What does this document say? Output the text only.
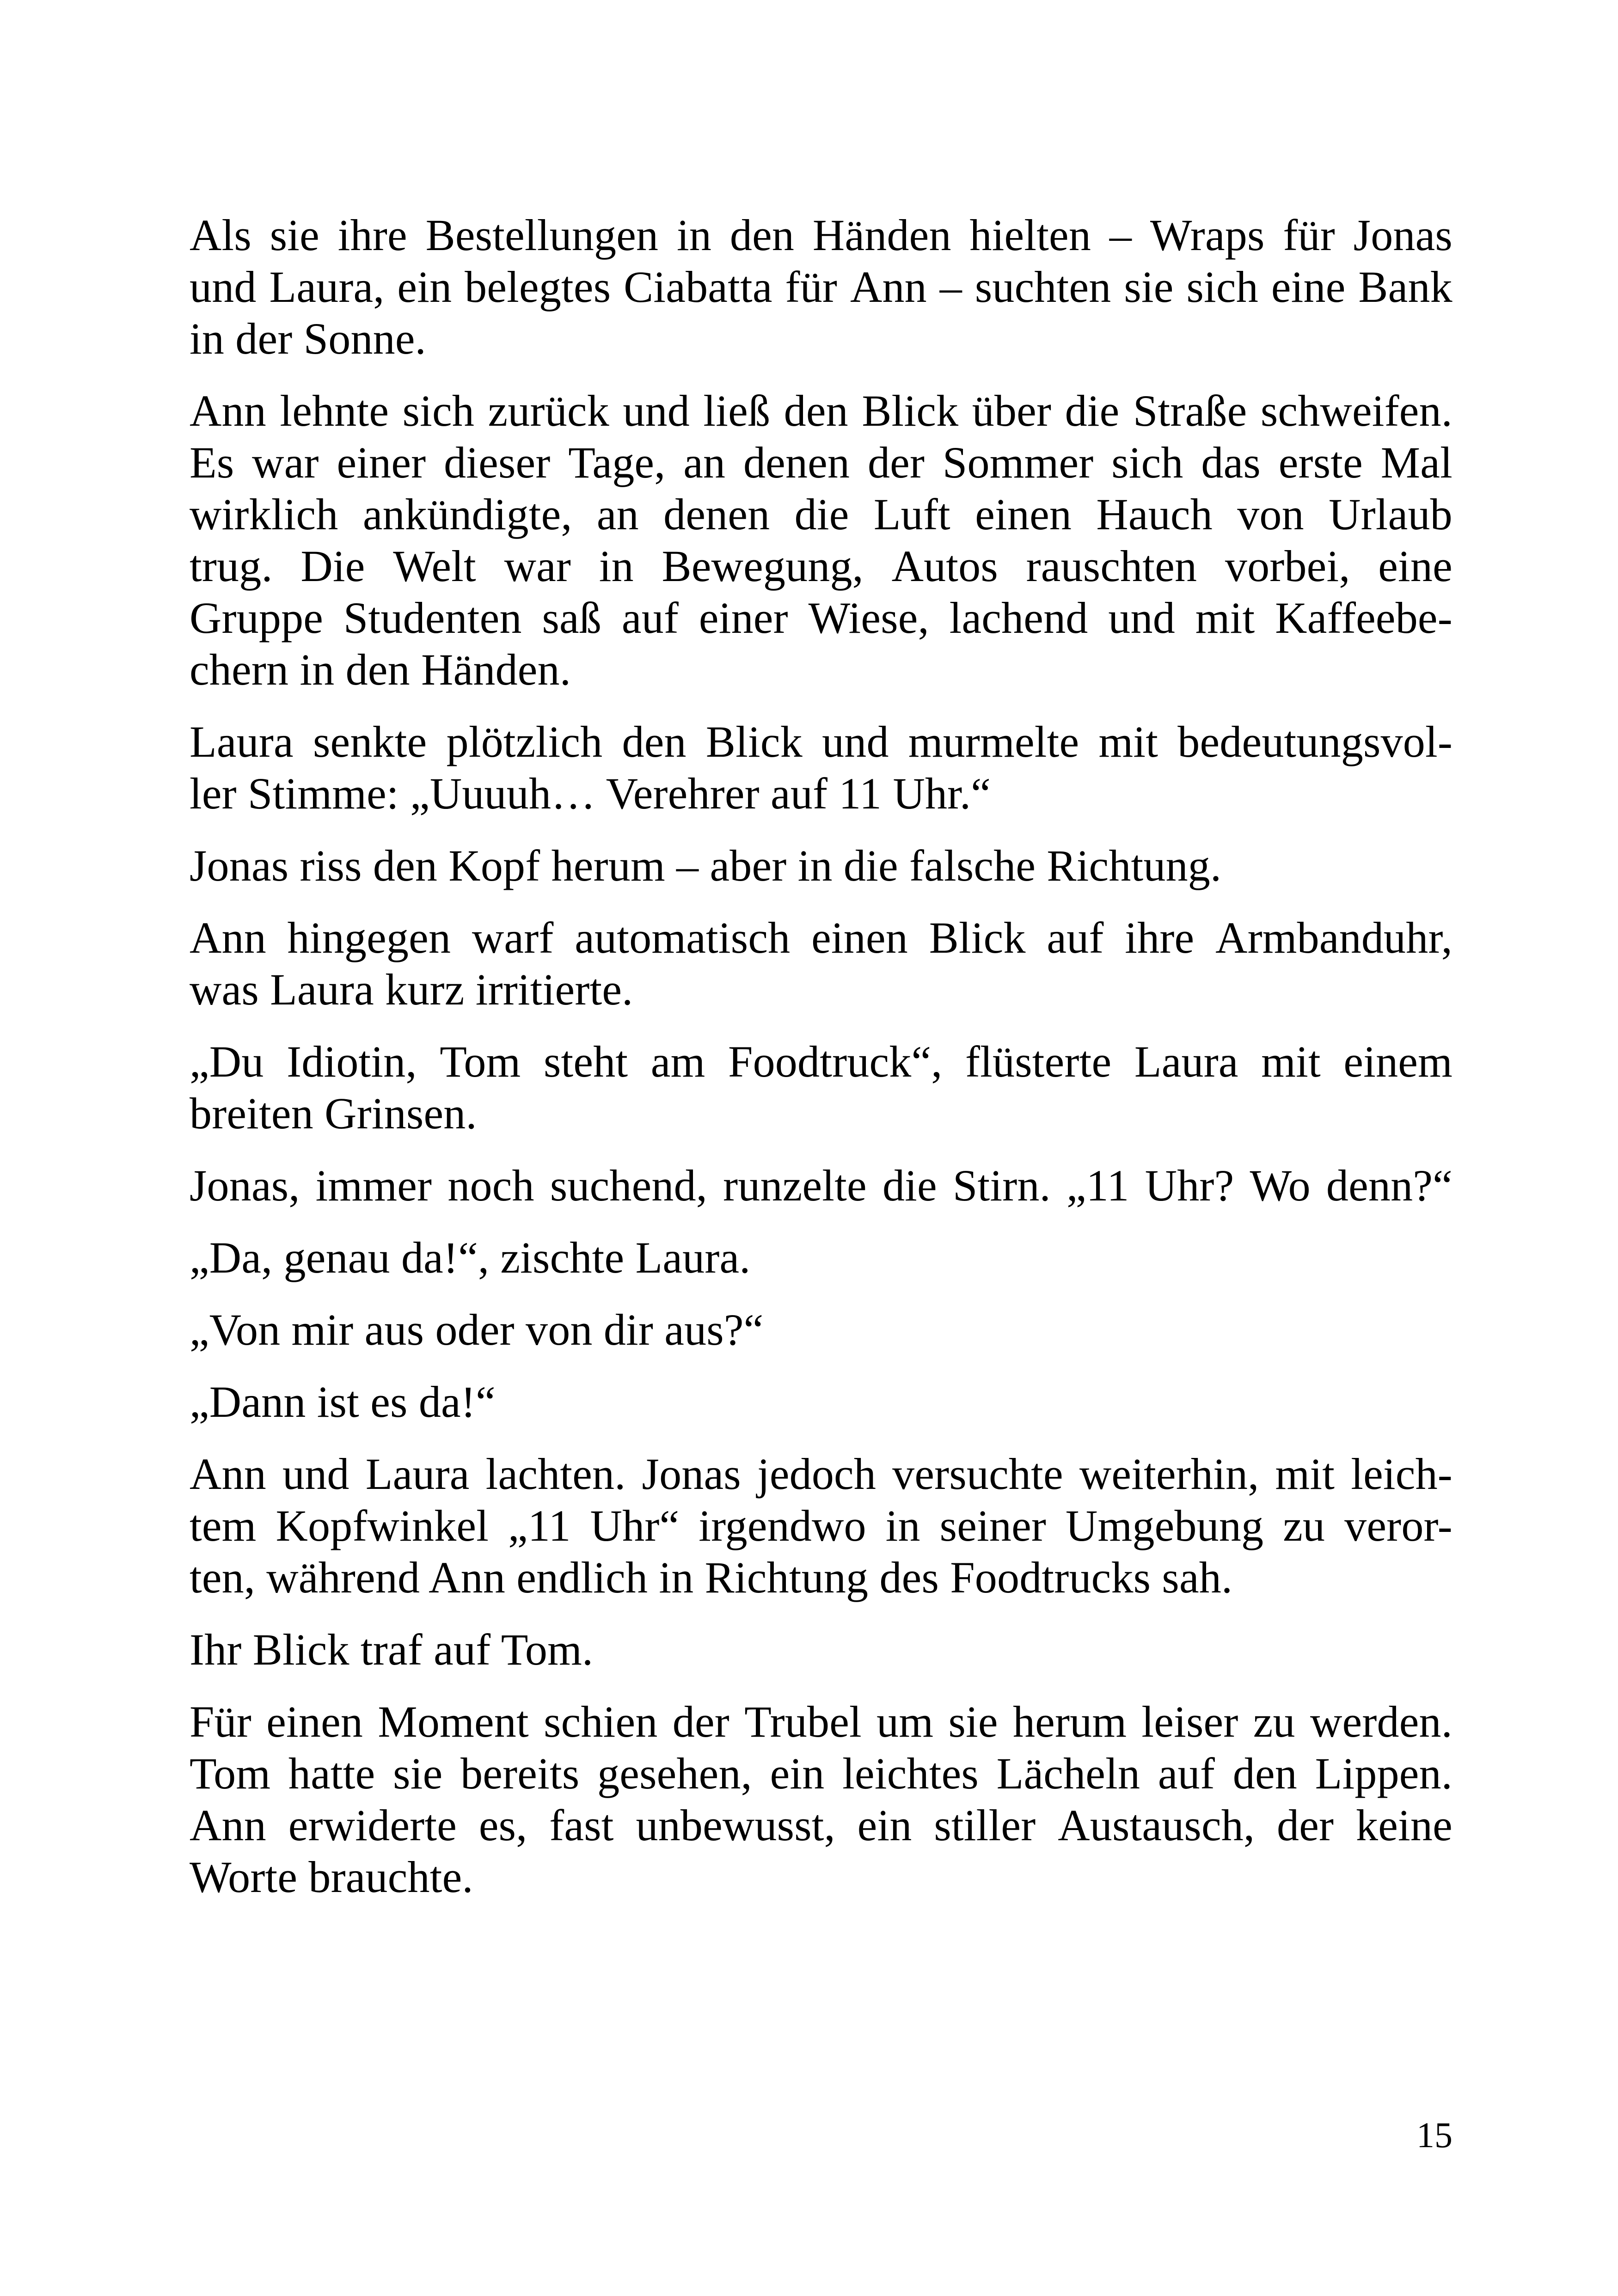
Als sie ihre Bestellungen in den Händen hielten – Wraps für Jonas
und Laura, ein belegtes Ciabatta für Ann – suchten sie sich eine Bank
in der Sonne.
Ann lehnte sich zurück und ließ den Blick über die Straße schweifen.
Es war einer dieser Tage, an denen der Sommer sich das erste Mal
wirklich ankündigte, an denen die Luft einen Hauch von Urlaub
trug. Die Welt war in Bewegung, Autos rauschten vorbei, eine
Gruppe Studenten saß auf einer Wiese, lachend und mit Kaffeebe-
chern in den Händen.
Laura senkte plötzlich den Blick und murmelte mit bedeutungsvol-
ler Stimme: „Uuuuh… Verehrer auf 11 Uhr.“
Jonas riss den Kopf herum – aber in die falsche Richtung.
Ann hingegen warf automatisch einen Blick auf ihre Armbanduhr,
was Laura kurz irritierte.
„Du Idiotin, Tom steht am Foodtruck“, flüsterte Laura mit einem
breiten Grinsen.
Jonas, immer noch suchend, runzelte die Stirn. „11 Uhr? Wo denn?“
„Da, genau da!“, zischte Laura.
„Von mir aus oder von dir aus?“
„Dann ist es da!“
Ann und Laura lachten. Jonas jedoch versuchte weiterhin, mit leich-
tem Kopfwinkel „11 Uhr“ irgendwo in seiner Umgebung zu veror-
ten, während Ann endlich in Richtung des Foodtrucks sah.
Ihr Blick traf auf Tom.
Für einen Moment schien der Trubel um sie herum leiser zu werden.
Tom hatte sie bereits gesehen, ein leichtes Lächeln auf den Lippen.
Ann erwiderte es, fast unbewusst, ein stiller Austausch, der keine
Worte brauchte.
15
